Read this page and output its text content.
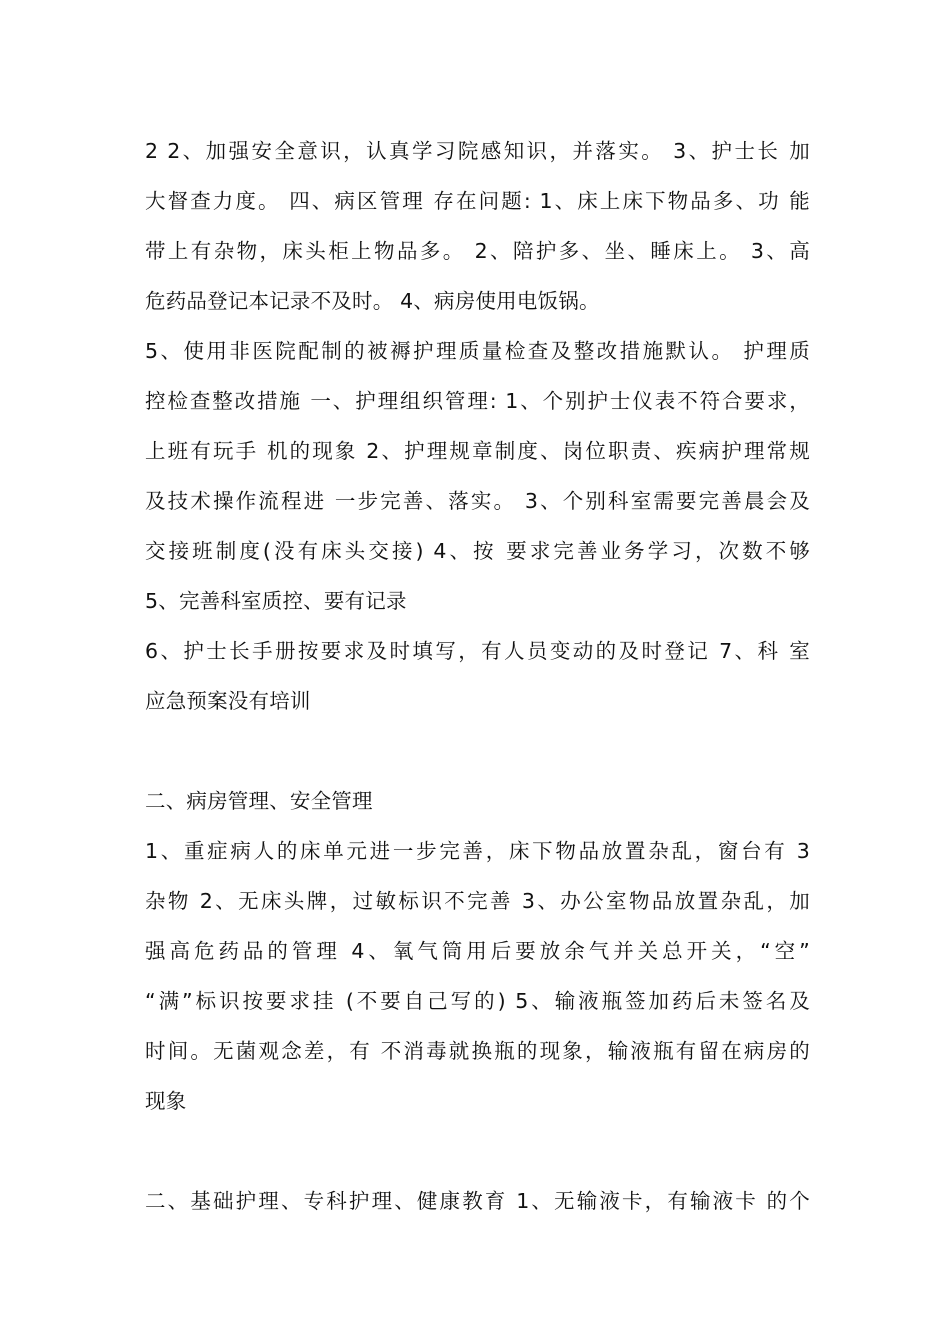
2 2、加强安全意识，认真学习院感知识，并落实。 3、护士长 加
大督查力度。 四、病区管理 存在问题: 1、床上床下物品多、功 能
带上有杂物，床头柜上物品多。 2、陪护多、坐、睡床上。 3、高
危药品登记本记录不及时。 4、病房使用电饭锅。
5、使用非医院配制的被褥护理质量检查及整改措施默认。 护理质
控检查整改措施 一、护理组织管理: 1、个别护士仪表不符合要求，
上班有玩手 机的现象 2、护理规章制度、岗位职责、疾病护理常规
及技术操作流程进 一步完善、落实。 3、个别科室需要完善晨会及
交接班制度(没有床头交接) 4、按 要求完善业务学习，次数不够
5、完善科室质控、要有记录
6、护士长手册按要求及时填写，有人员变动的及时登记 7、科 室
应急预案没有培训
二、病房管理、安全管理
1、重症病人的床单元进一步完善，床下物品放置杂乱，窗台有 3
杂物 2、无床头牌，过敏标识不完善 3、办公室物品放置杂乱，加
强高危药品的管理 4、氧气筒用后要放余气并关总开关，“空”
“满”标识按要求挂 (不要自己写的) 5、输液瓶签加药后未签名及
时间。无菌观念差，有 不消毒就换瓶的现象，输液瓶有留在病房的
现象
二、基础护理、专科护理、健康教育 1、无输液卡，有输液卡 的个
